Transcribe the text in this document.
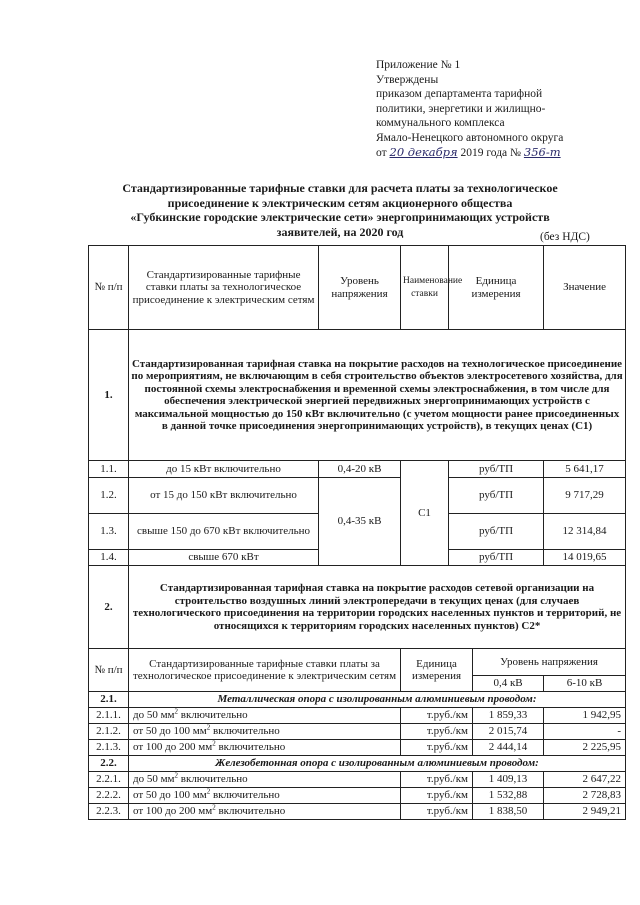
Приложение № 1
Утверждены
приказом департамента тарифной
политики, энергетики и жилищно-
коммунального комплекса
Ямало-Ненецкого автономного округа
от 20 декабря 2019 года № 356-т
Стандартизированные тарифные ставки для расчета платы за технологическое
присоединение к электрическим сетям акционерного общества
«Губкинские городские электрические сети» энергопринимающих устройств
заявителей, на 2020 год	(без НДС)
№ п/п	Стандартизированные тарифные ставки платы за технологическое присоединение к электрическим сетям	Уровень напряжения	Наименование ставки	Единица измерения		Значение
1.	Стандартизированная тарифная ставка на покрытие расходов на технологическое присоединение по мероприятиям, не включающим в себя строительство объектов электросетевого хозяйства, для постоянной схемы электроснабжения и временной схемы электроснабжения, в том числе для обеспечения электрической энергией передвижных энергопринимающих устройств с максимальной мощностью до 150 кВт включительно (с учетом мощности ранее присоединенных в данной точке присоединения энергопринимающих устройств), в текущих ценах (С1)					
1.1.	до 15 кВт включительно	0,4-20 кВ	С1	руб/ТП		5 641,17
1.2.	от 15 до 150 кВт включительно	0,4-35 кВ		руб/ТП		9 717,29
1.3.	свыше 150 до 670 кВт включительно			руб/ТП		12 314,84
1.4.	свыше 670 кВт			руб/ТП		14 019,65
2.	Стандартизированная тарифная ставка на покрытие расходов сетевой организации на строительство воздушных линий электропередачи в текущих ценах (для случаев технологического присоединения на территории городских населенных пунктов и территорий, не относящихся к территориям городских населенных пунктов) С2*					
№ п/п	Стандартизированные тарифные ставки платы за технологическое присоединение к электрическим сетям		Единица измерения		Уровень напряжения	
					0,4 кВ	6-10 кВ
2.1.	Металлическая опора с изолированным алюминиевым проводом:					
2.1.1.	до 50 $мм^2$ включительно		т.руб./км		1 859,33	1 942,95
2.1.2.	от 50 до 100 $мм^2$ включительно		т.руб./км		2 015,74	-
2.1.3.	от 100 до 200 $мм^2$ включительно		т.руб./км		2 444,14	2 225,95
2.2.	Железобетонная опора с изолированным алюминиевым проводом:					
2.2.1.	до 50 $мм^2$ включительно		т.руб./км		1 409,13	2 647,22
2.2.2.	от 50 до 100 $мм^2$ включительно		т.руб./км		1 532,88	2 728,83
2.2.3.	от 100 до 200 $мм^2$ включительно		т.руб./км		1 838,50	2 949,21
